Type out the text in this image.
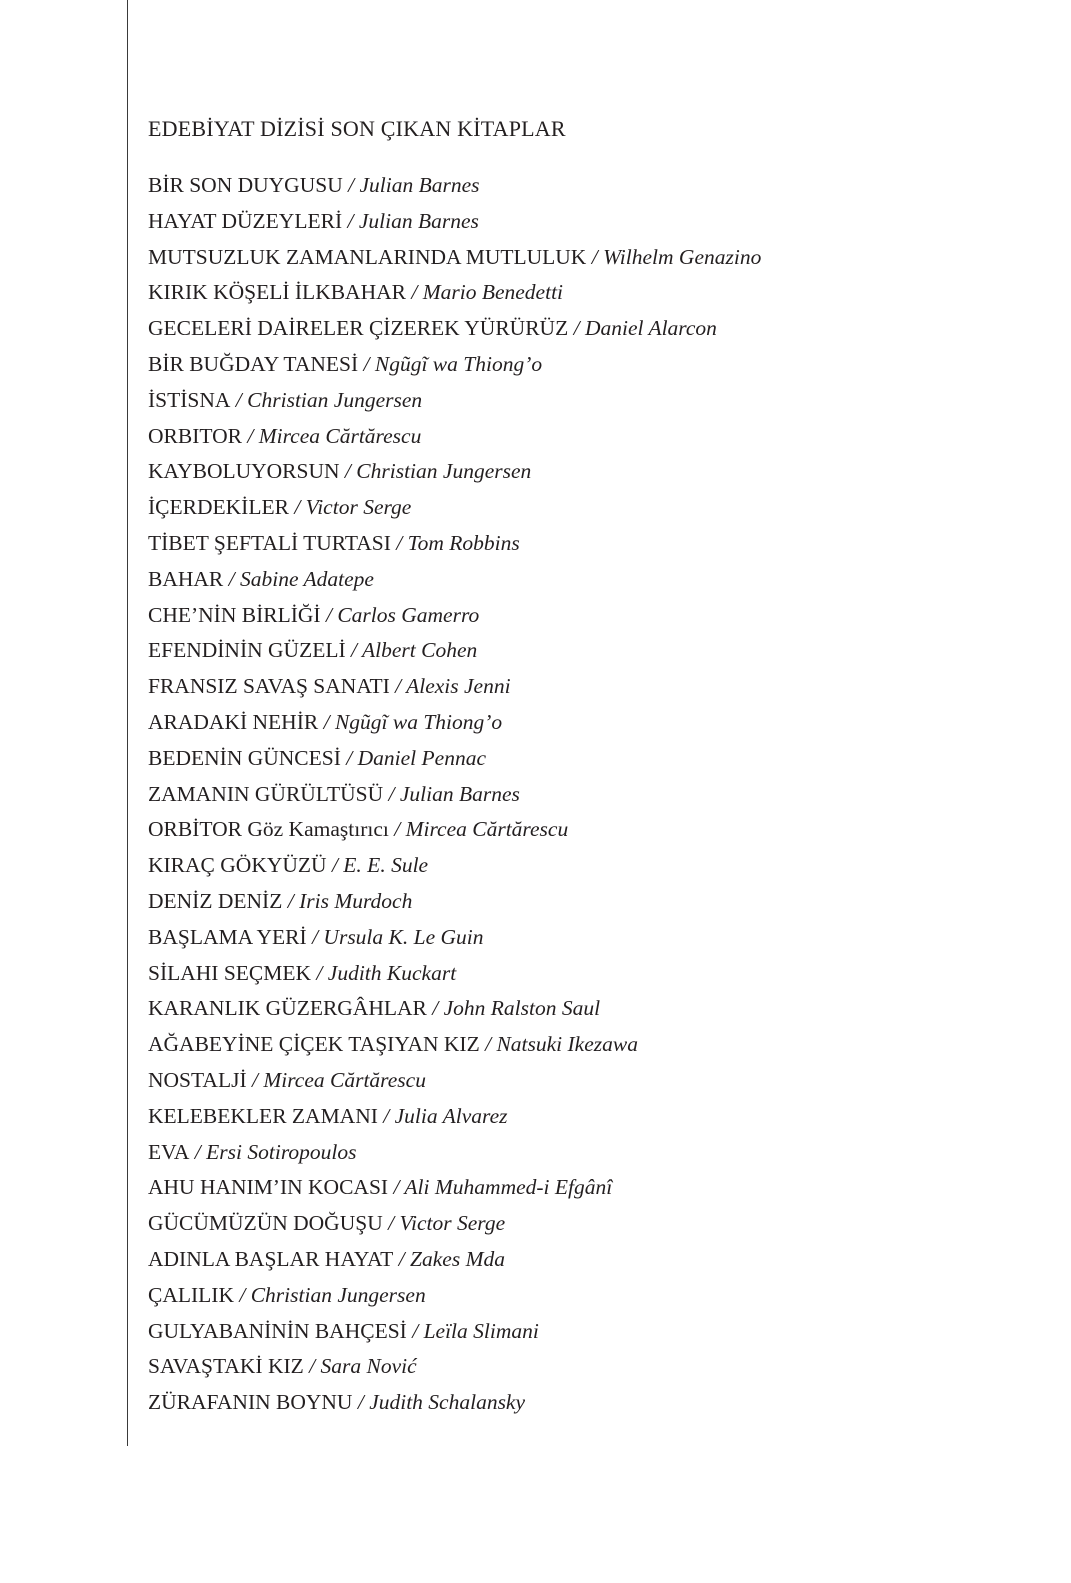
EDEBİYAT DİZİSİ SON ÇIKAN KİTAPLAR
BİR SON DUYGUSU / Julian Barnes
HAYAT DÜZEYLERİ / Julian Barnes
MUTSUZLUK ZAMANLARINDA MUTLULUK / Wilhelm Genazino
KIRIK KÖŞELİ İLKBAHAR / Mario Benedetti
GECELERİ DAİRELER ÇİZEREK YÜRÜRÜZ / Daniel Alarcon
BİR BUĞDAY TANESİ / Ngũgĩ wa Thiong’o
İSTİSNA / Christian Jungersen
ORBITOR / Mircea Cărtărescu
KAYBOLUYORSUN / Christian Jungersen
İÇERDEKİLER / Victor Serge
TİBET ŞEFTALİ TURTASI / Tom Robbins
BAHAR / Sabine Adatepe
CHE’NİN BİRLİĞİ / Carlos Gamerro
EFENDİNİN GÜZELİ / Albert Cohen
FRANSIZ SAVAŞ SANATI / Alexis Jenni
ARADAKİ NEHİR / Ngũgĩ wa Thiong’o
BEDENİN GÜNCESİ / Daniel Pennac
ZAMANIN GÜRÜLTÜSÜ / Julian Barnes
ORBİTOR Göz Kamaştırıcı / Mircea Cărtărescu
KIRAÇ GÖKYÜZÜ / E. E. Sule
DENİZ DENİZ / Iris Murdoch
BAŞLAMA YERİ / Ursula K. Le Guin
SİLAHI SEÇMEK / Judith Kuckart
KARANLIK GÜZERGÂHLAR / John Ralston Saul
AĞABEYİNE ÇİÇEK TAŞIYAN KIZ / Natsuki Ikezawa
NOSTALJİ / Mircea Cărtărescu
KELEBEKLER ZAMANI / Julia Alvarez
EVA / Ersi Sotiropoulos
AHU HANIM’IN KOCASI / Ali Muhammed-i Efgânî
GÜCÜMÜZÜN DOĞUŞU / Victor Serge
ADINLA BAŞLAR HAYAT / Zakes Mda
ÇALILIK / Christian Jungersen
GULYABANİNİN BAHÇESİ / Leïla Slimani
SAVAŞTAKİ KIZ / Sara Nović
ZÜRAFANIN BOYNU / Judith Schalansky
